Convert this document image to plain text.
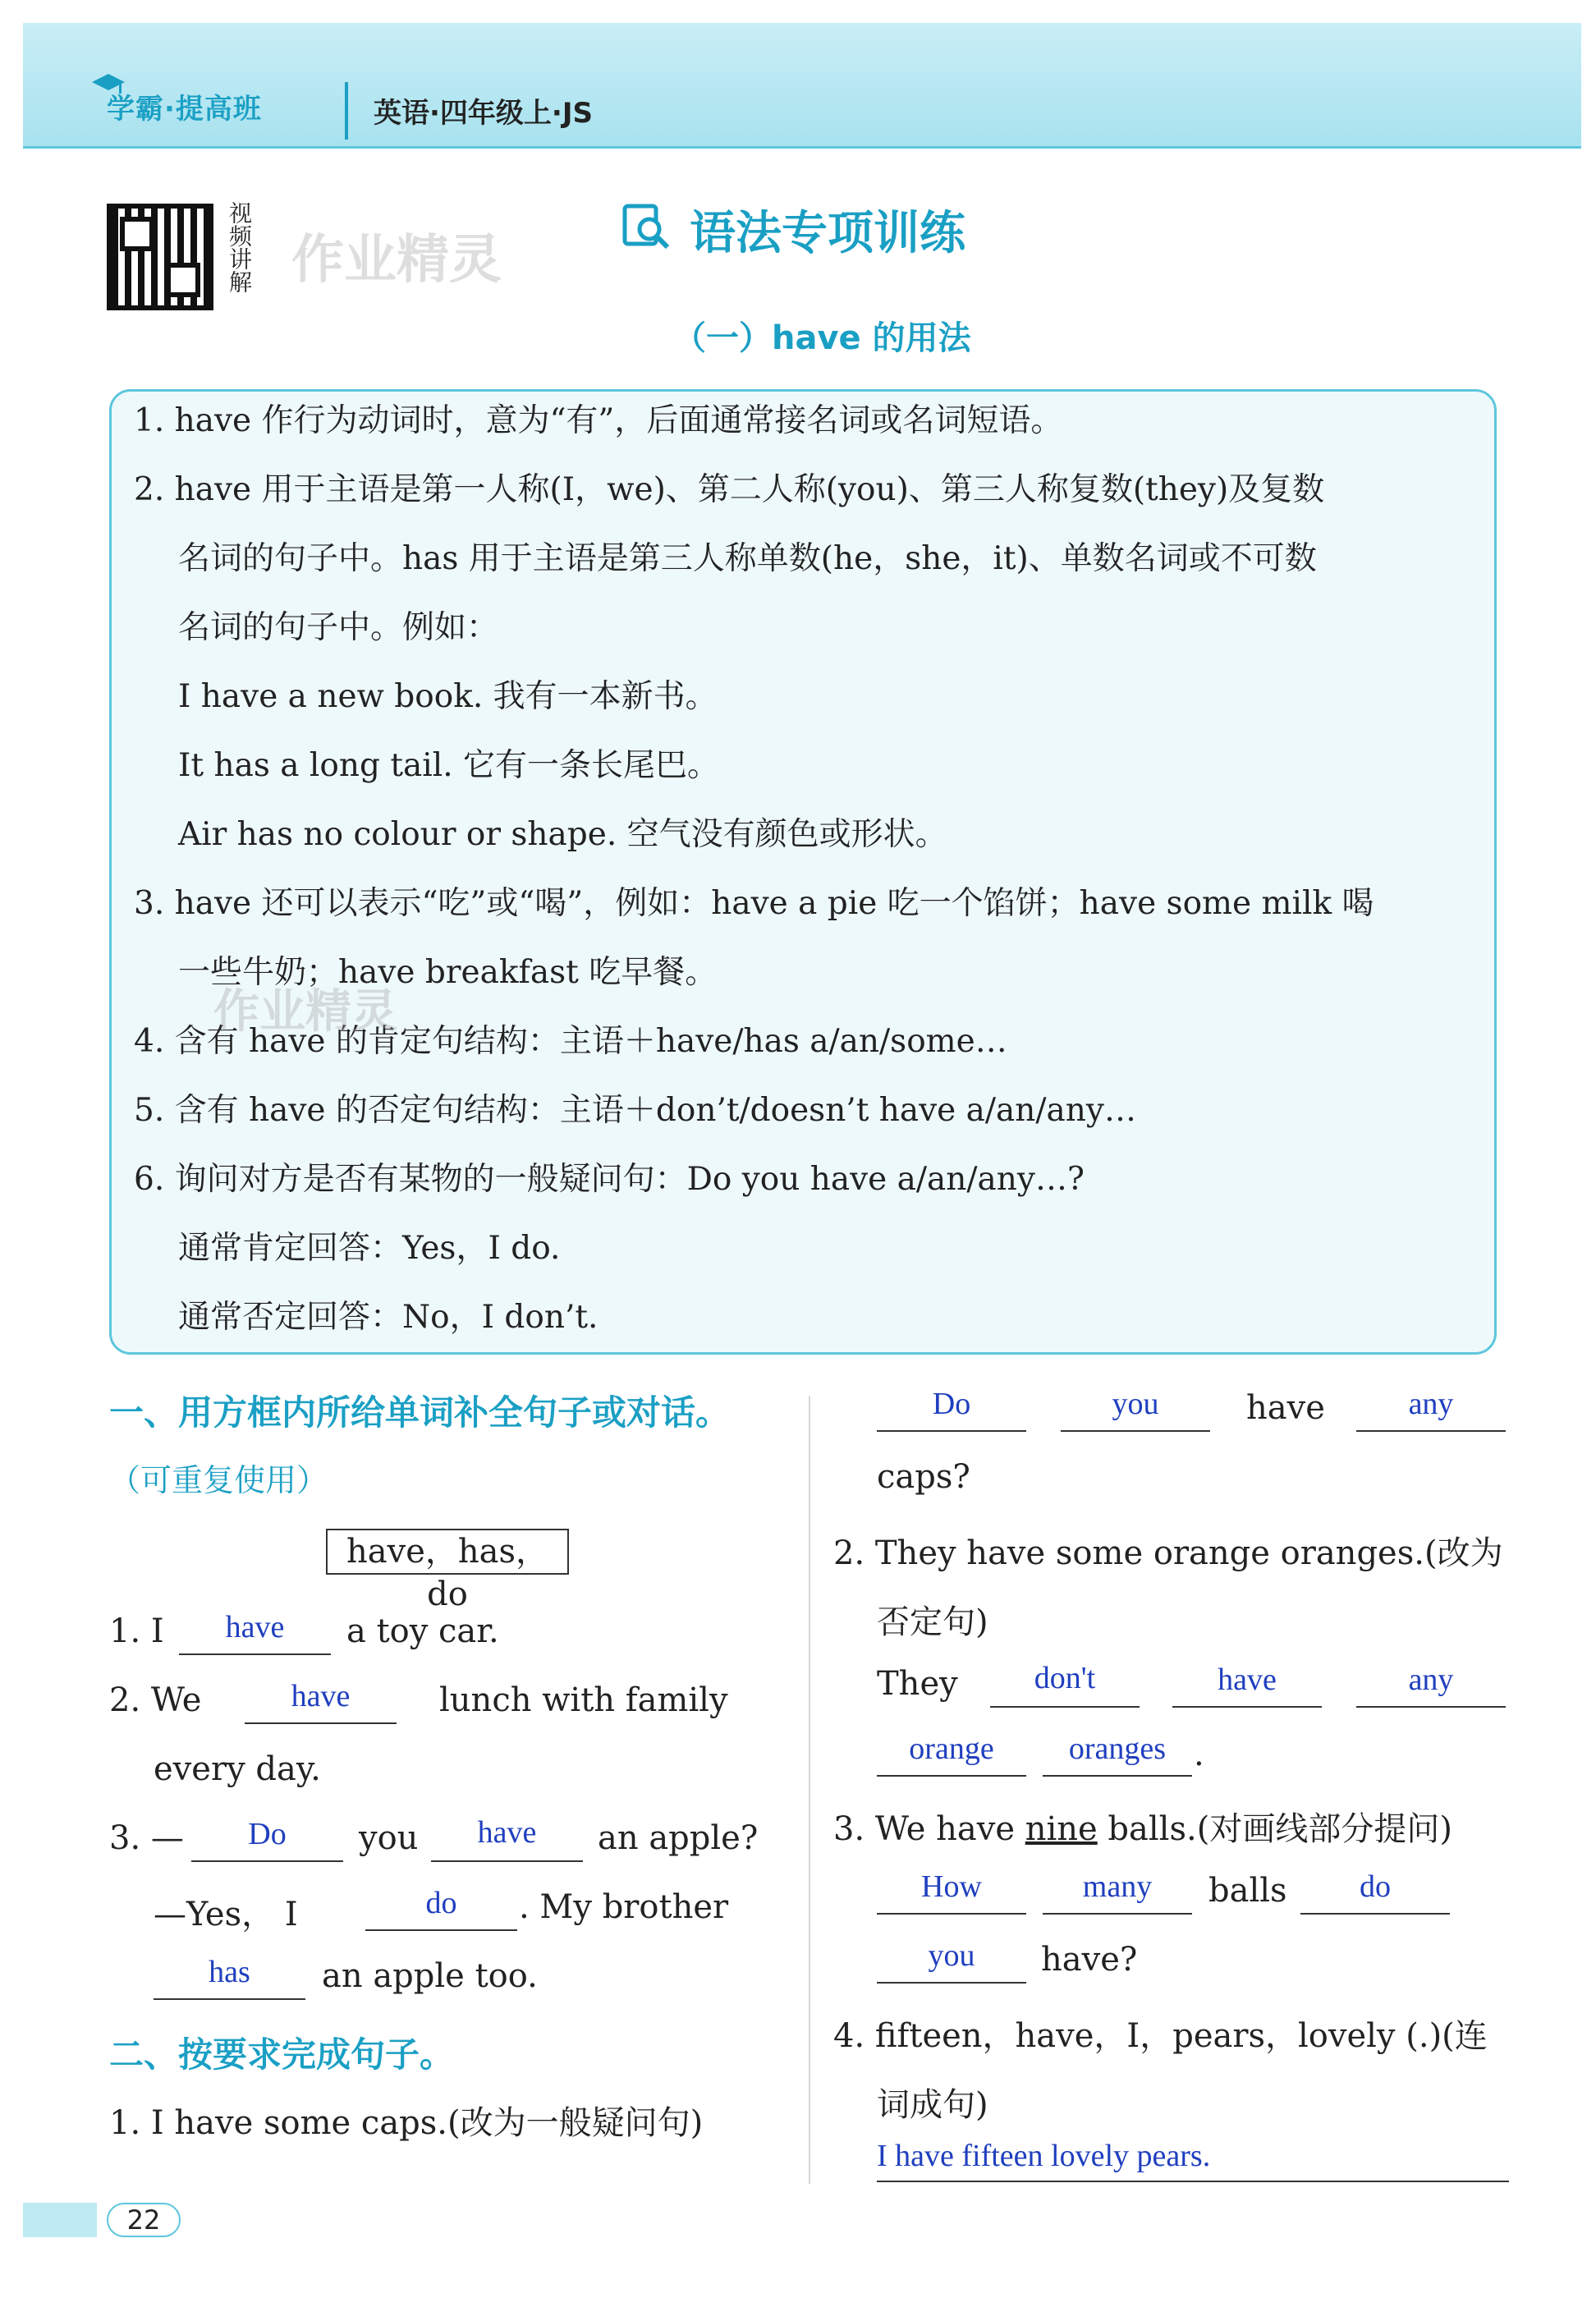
学霸·提高班	英语·四年级上·JS
视频讲解 作业精灵	语法专项训练
（一）have 的用法
1. have 作行为动词时，意为“有”，后面通常接名词或名词短语。
2. have 用于主语是第一人称(I，we)、第二人称(you)、第三人称复数(they)及复数
名词的句子中。has 用于主语是第三人称单数(he，she，it)、单数名词或不可数
名词的句子中。例如：
I have a new book. 我有一本新书。
It has a long tail. 它有一条长尾巴。
Air has no colour or shape. 空气没有颜色或形状。
3. have 还可以表示“吃”或“喝”，例如：have a pie 吃一个馅饼；have some milk 喝
一些牛奶；have breakfast 吃早餐。
4. 含有 have 的肯定句结构：主语＋have/has a/an/some…
5. 含有 have 的否定句结构：主语＋don’t/doesn’t have a/an/any…
6. 询问对方是否有某物的一般疑问句：Do you have a/an/any…?
通常肯定回答：Yes，I do.
通常否定回答：No，I don’t.
作业精灵
一、用方框内所给单词补全句子或对话。
（可重复使用）
have，has，do
1. I	have	a toy car.
2. We	have	lunch with family
every day.
3. —	Do	you	have	an apple?
—Yes， I	do	. My brother
has	an apple too.
二、按要求完成句子。
1. I have some caps.(改为一般疑问句)
Do	you	have	any
caps?
2. They have some orange oranges.(改为
否定句)
They	don't	have	any
orange	oranges .
3. We have nine balls.(对画线部分提问)
How	many	balls	do
you	have?
4. fifteen，have，I，pears，lovely (.)(连
词成句)
I have fifteen lovely pears.
22
